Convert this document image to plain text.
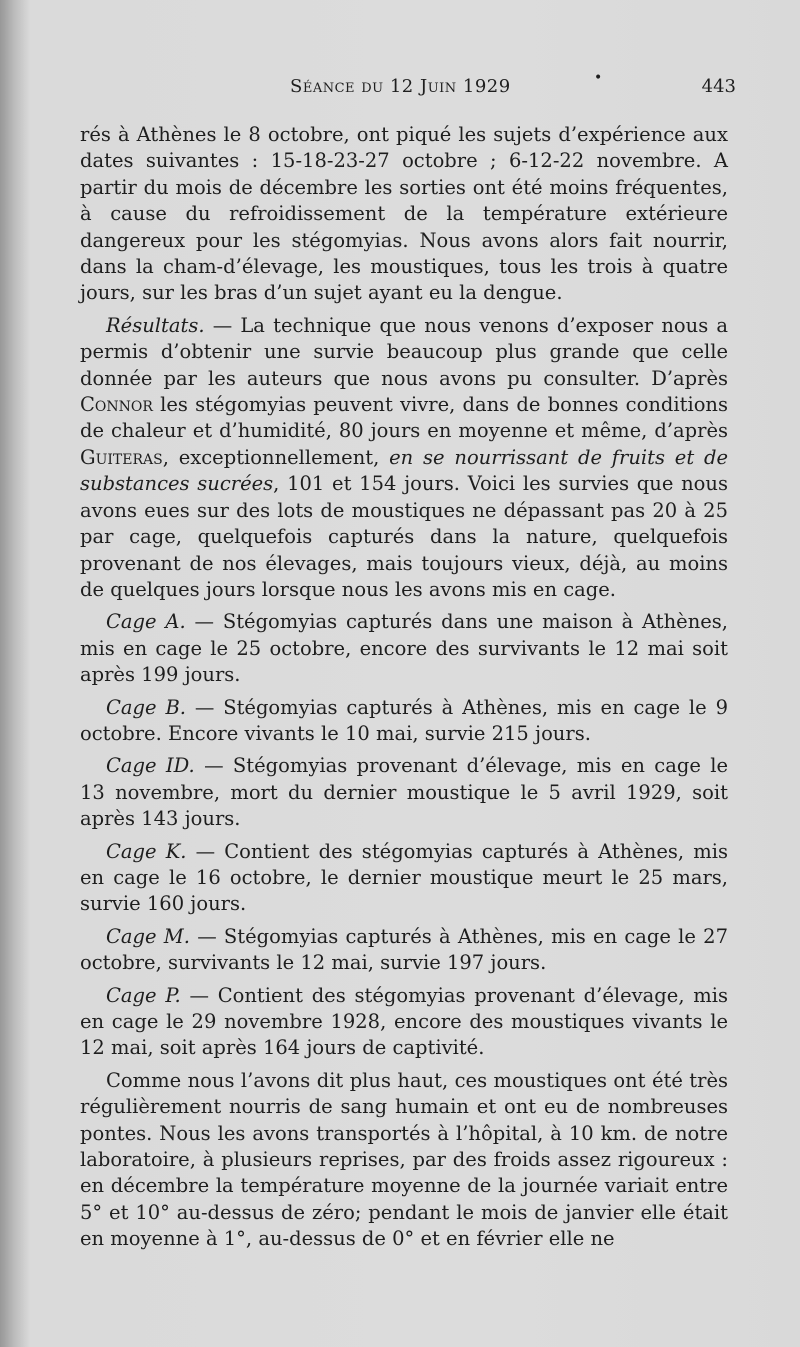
Séance du 12 Juin 1929	•	443

rés à Athènes le 8 octobre, ont piqué les sujets d’expérience aux dates suivantes : 15-18-23-27 octobre ; 6-12-22 novembre. A partir du mois de décembre les sorties ont été moins fréquentes, à cause du refroidissement de la température extérieure dangereux pour les stégomyias. Nous avons alors fait nourrir, dans la cham-d’élevage, les moustiques, tous les trois à quatre jours, sur les bras d’un sujet ayant eu la dengue.

Résultats. — La technique que nous venons d’exposer nous a permis d’obtenir une survie beaucoup plus grande que celle donnée par les auteurs que nous avons pu consulter. D’après Connor les stégomyias peuvent vivre, dans de bonnes conditions de chaleur et d’humidité, 80 jours en moyenne et même, d’après Guiteras, exceptionnellement, en se nourrissant de fruits et de substances sucrées, 101 et 154 jours. Voici les survies que nous avons eues sur des lots de moustiques ne dépassant pas 20 à 25 par cage, quelquefois capturés dans la nature, quelquefois provenant de nos élevages, mais toujours vieux, déjà, au moins de quelques jours lorsque nous les avons mis en cage.

Cage A. — Stégomyias capturés dans une maison à Athènes, mis en cage le 25 octobre, encore des survivants le 12 mai soit après 199 jours.

Cage B. — Stégomyias capturés à Athènes, mis en cage le 9 octobre. Encore vivants le 10 mai, survie 215 jours.

Cage ID. — Stégomyias provenant d’élevage, mis en cage le 13 novembre, mort du dernier moustique le 5 avril 1929, soit après 143 jours.

Cage K. — Contient des stégomyias capturés à Athènes, mis en cage le 16 octobre, le dernier moustique meurt le 25 mars, survie 160 jours.

Cage M. — Stégomyias capturés à Athènes, mis en cage le 27 octobre, survivants le 12 mai, survie 197 jours.

Cage P. — Contient des stégomyias provenant d’élevage, mis en cage le 29 novembre 1928, encore des moustiques vivants le 12 mai, soit après 164 jours de captivité.

Comme nous l’avons dit plus haut, ces moustiques ont été très régulièrement nourris de sang humain et ont eu de nombreuses pontes. Nous les avons transportés à l’hôpital, à 10 km. de notre laboratoire, à plusieurs reprises, par des froids assez rigoureux : en décembre la température moyenne de la journée variait entre 5° et 10° au-dessus de zéro; pendant le mois de janvier elle était en moyenne à 1°, au-dessus de 0° et en février elle ne
